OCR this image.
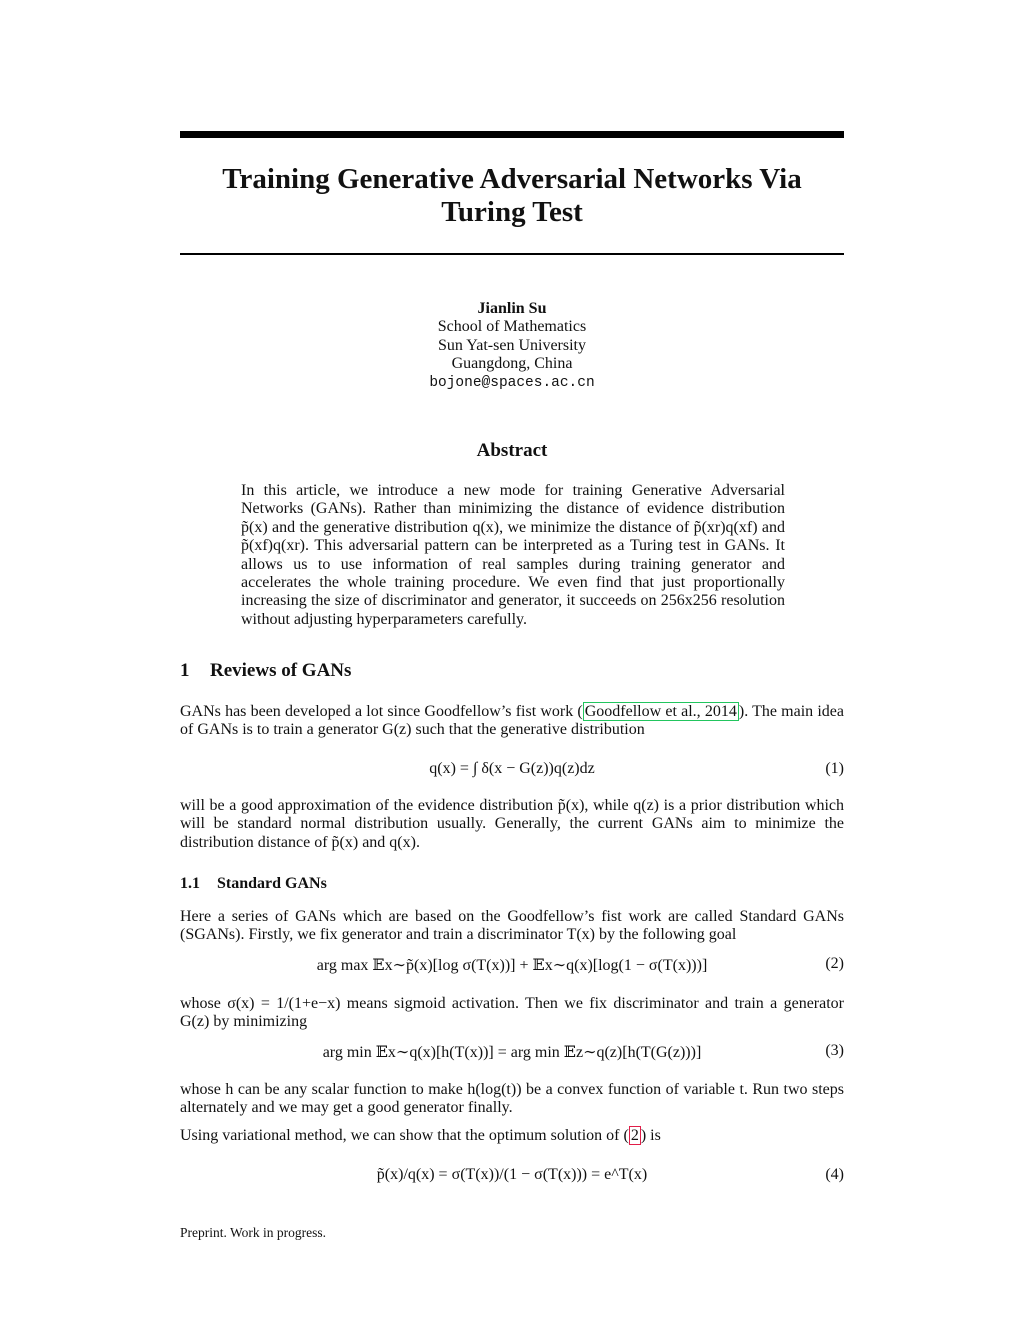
Training Generative Adversarial Networks Via
Turing Test
Jianlin Su
School of Mathematics
Sun Yat-sen University
Guangdong, China
bojone@spaces.ac.cn
Abstract
In this article, we introduce a new mode for training Generative Adversarial Networks (GANs). Rather than minimizing the distance of evidence distribution p̃(x) and the generative distribution q(x), we minimize the distance of p̃(xr)q(xf) and p̃(xf)q(xr). This adversarial pattern can be interpreted as a Turing test in GANs. It allows us to use information of real samples during training generator and accelerates the whole training procedure. We even find that just proportionally increasing the size of discriminator and generator, it succeeds on 256x256 resolution without adjusting hyperparameters carefully.
1 Reviews of GANs
GANs has been developed a lot since Goodfellow’s fist work ( Goodfellow et al., 2014 ). The main idea of GANs is to train a generator G(z) such that the generative distribution
q(x) = ∫ δ(x − G(z))q(z)dz	(1)
will be a good approximation of the evidence distribution p̃(x), while q(z) is a prior distribution which will be standard normal distribution usually. Generally, the current GANs aim to minimize the distribution distance of p̃(x) and q(x).
1.1 Standard GANs
Here a series of GANs which are based on the Goodfellow’s fist work are called Standard GANs (SGANs). Firstly, we fix generator and train a discriminator T(x) by the following goal
arg max 𝔼x∼p̃(x)[log σ(T(x))] + 𝔼x∼q(x)[log(1 − σ(T(x)))]	(2)
whose σ(x) = 1/(1+e−x) means sigmoid activation. Then we fix discriminator and train a generator G(z) by minimizing
arg min 𝔼x∼q(x)[h(T(x))] = arg min 𝔼z∼q(z)[h(T(G(z)))]	(3)
whose h can be any scalar function to make h(log(t)) be a convex function of variable t. Run two steps alternately and we may get a good generator finally.
Using variational method, we can show that the optimum solution of ( 2 ) is
p̃(x)/q(x) = σ(T(x))/(1 − σ(T(x))) = e^T(x)	(4)
Preprint. Work in progress.
